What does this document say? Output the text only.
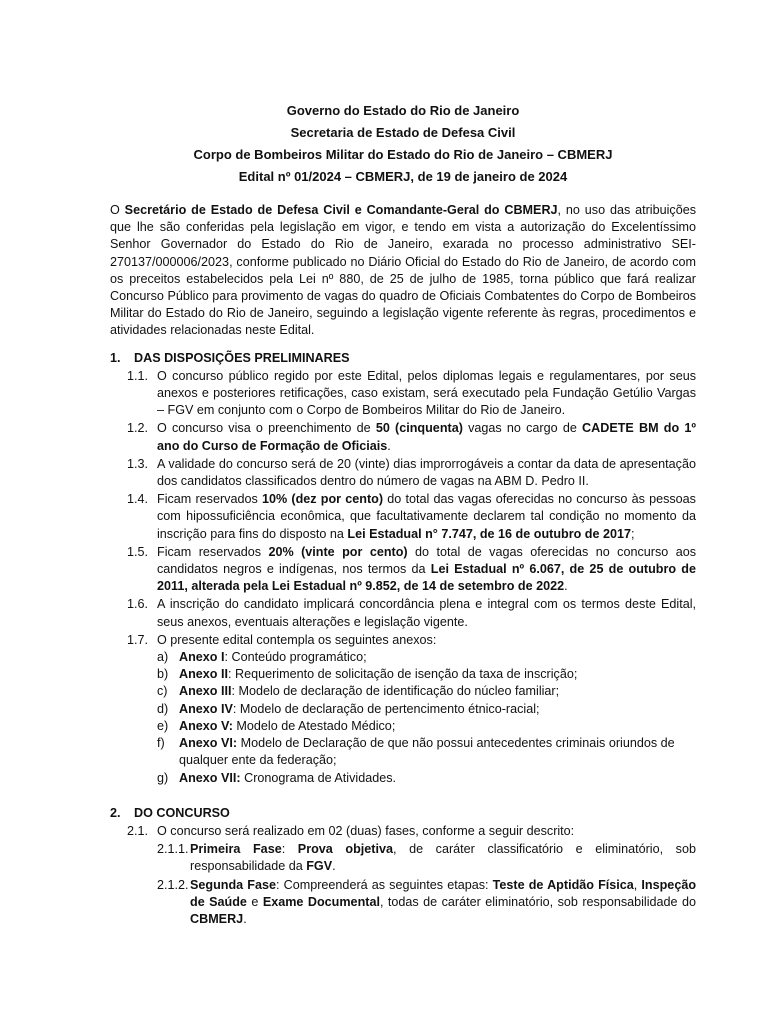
Governo do Estado do Rio de Janeiro

Secretaria de Estado de Defesa Civil

Corpo de Bombeiros Militar do Estado do Rio de Janeiro – CBMERJ

Edital nº 01/2024 – CBMERJ, de 19 de janeiro de 2024

O Secretário de Estado de Defesa Civil e Comandante-Geral do CBMERJ, no uso das atribuições que lhe são conferidas pela legislação em vigor, e tendo em vista a autorização do Excelentíssimo Senhor Governador do Estado do Rio de Janeiro, exarada no processo administrativo SEI-270137/000006/2023, conforme publicado no Diário Oficial do Estado do Rio de Janeiro, de acordo com os preceitos estabelecidos pela Lei nº 880, de 25 de julho de 1985, torna público que fará realizar Concurso Público para provimento de vagas do quadro de Oficiais Combatentes do Corpo de Bombeiros Militar do Estado do Rio de Janeiro, seguindo a legislação vigente referente às regras, procedimentos e atividades relacionadas neste Edital.
1. DAS DISPOSIÇÕES PRELIMINARES
1.1. O concurso público regido por este Edital, pelos diplomas legais e regulamentares, por seus anexos e posteriores retificações, caso existam, será executado pela Fundação Getúlio Vargas – FGV em conjunto com o Corpo de Bombeiros Militar do Rio de Janeiro.
1.2. O concurso visa o preenchimento de 50 (cinquenta) vagas no cargo de CADETE BM do 1º ano do Curso de Formação de Oficiais.
1.3. A validade do concurso será de 20 (vinte) dias improrrogáveis a contar da data de apresentação dos candidatos classificados dentro do número de vagas na ABM D. Pedro II.
1.4. Ficam reservados 10% (dez por cento) do total das vagas oferecidas no concurso às pessoas com hipossuficiência econômica, que facultativamente declarem tal condição no momento da inscrição para fins do disposto na Lei Estadual n° 7.747, de 16 de outubro de 2017;
1.5. Ficam reservados 20% (vinte por cento) do total de vagas oferecidas no concurso aos candidatos negros e indígenas, nos termos da Lei Estadual nº 6.067, de 25 de outubro de 2011, alterada pela Lei Estadual nº 9.852, de 14 de setembro de 2022.
1.6. A inscrição do candidato implicará concordância plena e integral com os termos deste Edital, seus anexos, eventuais alterações e legislação vigente.
1.7. O presente edital contempla os seguintes anexos:
a) Anexo I: Conteúdo programático;
b) Anexo II: Requerimento de solicitação de isenção da taxa de inscrição;
c) Anexo III: Modelo de declaração de identificação do núcleo familiar;
d) Anexo IV: Modelo de declaração de pertencimento étnico-racial;
e) Anexo V: Modelo de Atestado Médico;
f)	Anexo VI: Modelo de Declaração de que não possui antecedentes criminais oriundos de qualquer ente da federação;
g) Anexo VII: Cronograma de Atividades.
2. DO CONCURSO
2.1. O concurso será realizado em 02 (duas) fases, conforme a seguir descrito:
2.1.1. Primeira Fase: Prova objetiva, de caráter classificatório e eliminatório, sob responsabilidade da FGV.
2.1.2. Segunda Fase: Compreenderá as seguintes etapas: Teste de Aptidão Física, Inspeção de Saúde e Exame Documental, todas de caráter eliminatório, sob responsabilidade do CBMERJ.
